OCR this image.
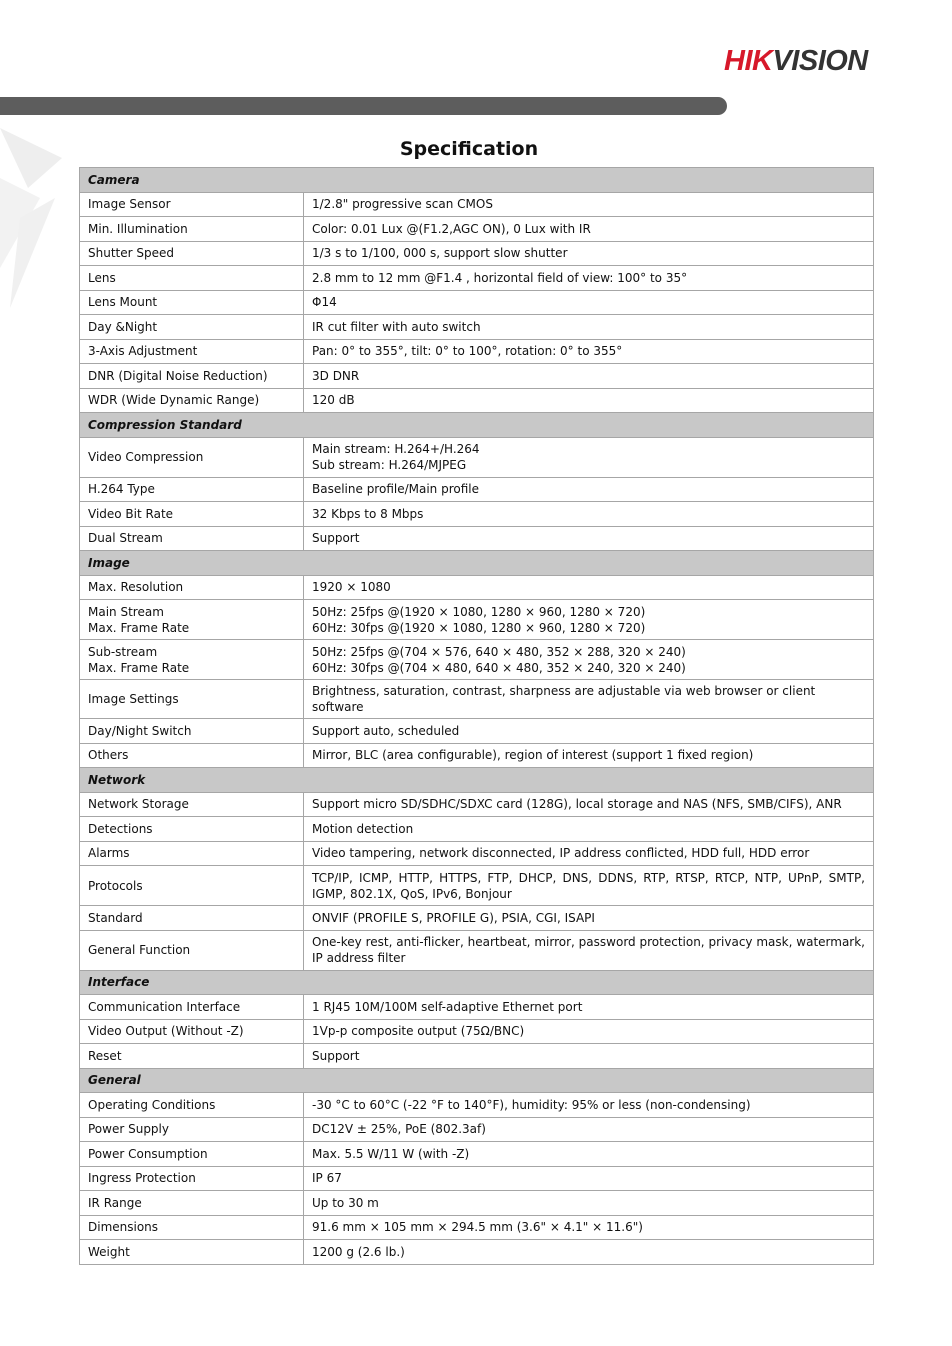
HIKVISION
Specification
Camera	

Image Sensor	1/2.8" progressive scan CMOS

Min. Illumination	Color: 0.01 Lux @(F1.2,AGC ON), 0 Lux with IR

Shutter Speed	1/3 s to 1/100, 000 s, support slow shutter

Lens	2.8 mm to 12 mm @F1.4 , horizontal field of view: 100° to 35°

Lens Mount	Φ14

Day &Night	IR cut filter with auto switch

3-Axis Adjustment	Pan: 0° to 355°, tilt: 0° to 100°, rotation: 0° to 355°

DNR (Digital Noise Reduction)	3D DNR

WDR (Wide Dynamic Range)	120 dB

Compression Standard	

Video Compression	Main stream: H.264+/H.264
Sub stream: H.264/MJPEG

H.264 Type	Baseline profile/Main profile

Video Bit Rate	32 Kbps to 8 Mbps

Dual Stream	Support

Image	

Max. Resolution	1920 × 1080

Main Stream
Max. Frame Rate	50Hz: 25fps @(1920 × 1080, 1280 × 960, 1280 × 720)
60Hz: 30fps @(1920 × 1080, 1280 × 960, 1280 × 720)

Sub-stream
Max. Frame Rate	50Hz: 25fps @(704 × 576, 640 × 480, 352 × 288, 320 × 240)
60Hz: 30fps @(704 × 480, 640 × 480, 352 × 240, 320 × 240)

Image Settings	Brightness, saturation, contrast, sharpness are adjustable via web browser or client software

Day/Night Switch	Support auto, scheduled

Others	Mirror, BLC (area configurable), region of interest (support 1 fixed region)

Network	

Network Storage	Support micro SD/SDHC/SDXC card (128G), local storage and NAS (NFS, SMB/CIFS), ANR

Detections	Motion detection

Alarms	Video tampering, network disconnected, IP address conflicted, HDD full, HDD error

Protocols	TCP/IP, ICMP, HTTP, HTTPS, FTP, DHCP, DNS, DDNS, RTP, RTSP, RTCP, NTP, UPnP, SMTP, IGMP, 802.1X, QoS, IPv6, Bonjour

Standard	ONVIF (PROFILE S, PROFILE G), PSIA, CGI, ISAPI

General Function	One-key rest, anti-flicker, heartbeat, mirror, password protection, privacy mask, watermark, IP address filter

Interface	

Communication Interface	1 RJ45 10M/100M self-adaptive Ethernet port

Video Output (Without -Z)	1Vp-p composite output (75Ω/BNC)

Reset	Support

General	

Operating Conditions	-30 °C to 60°C (-22 °F to 140°F), humidity: 95% or less (non-condensing)

Power Supply	DC12V ± 25%, PoE (802.3af)

Power Consumption	Max. 5.5 W/11 W (with -Z)

Ingress Protection	IP 67

IR Range	Up to 30 m

Dimensions	91.6 mm × 105 mm × 294.5 mm (3.6" × 4.1" × 11.6")

Weight	1200 g (2.6 lb.)
